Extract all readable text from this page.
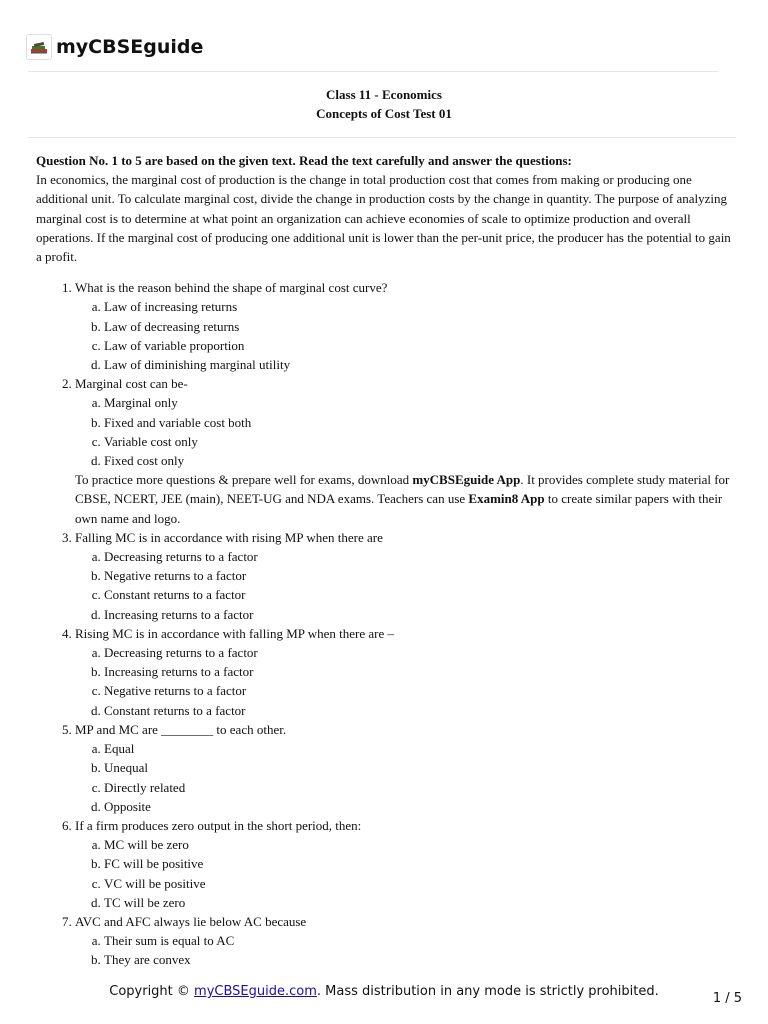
myCBSEguide
Class 11 - Economics
Concepts of Cost Test 01

Question No. 1 to 5 are based on the given text. Read the text carefully and answer the questions:

In economics, the marginal cost of production is the change in total production cost that comes from making or producing one additional unit. To calculate marginal cost, divide the change in production costs by the change in quantity. The purpose of analyzing marginal cost is to determine at what point an organization can achieve economies of scale to optimize production and overall operations. If the marginal cost of producing one additional unit is lower than the per-unit price, the producer has the potential to gain a profit.

1. What is the reason behind the shape of marginal cost curve?
a. Law of increasing returns
b. Law of decreasing returns
c. Law of variable proportion
d. Law of diminishing marginal utility
2. Marginal cost can be-
a. Marginal only
b. Fixed and variable cost both
c. Variable cost only
d. Fixed cost only

To practice more questions & prepare well for exams, download myCBSEguide App. It provides complete study material for CBSE, NCERT, JEE (main), NEET-UG and NDA exams. Teachers can use Examin8 App to create similar papers with their own name and logo.

3. Falling MC is in accordance with rising MP when there are
a. Decreasing returns to a factor
b. Negative returns to a factor
c. Constant returns to a factor
d. Increasing returns to a factor
4. Rising MC is in accordance with falling MP when there are –
a. Decreasing returns to a factor
b. Increasing returns to a factor
c. Negative returns to a factor
d. Constant returns to a factor
5. MP and MC are ________ to each other.
a. Equal
b. Unequal
c. Directly related
d. Opposite
6. If a firm produces zero output in the short period, then:
a. MC will be zero
b. FC will be positive
c. VC will be positive
d. TC will be zero
7. AVC and AFC always lie below AC because
a. Their sum is equal to AC
b. They are convex
Copyright © myCBSEguide.com. Mass distribution in any mode is strictly prohibited.	1 / 5
